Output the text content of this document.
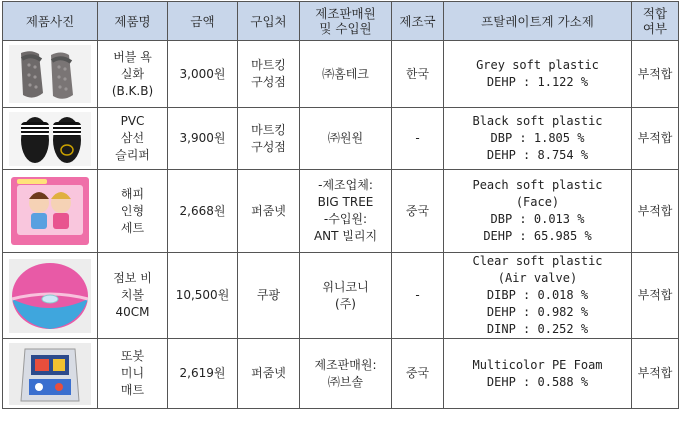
제품사진	제품명	금액	구입처	제조판매원
및 수입원	제조국	프탈레이트계 가소제	적합
여부

버블 욕
실화
(B.K.B)	3,000원	마트킹
구성점	㈜홈테크	한국	Grey soft plastic
DEHP : 1.122 %	부적합

PVC
삼선
슬리퍼	3,900원	마트킹
구성점	㈜원원	-	Black soft plastic
DBP : 1.805 %
DEHP : 8.754 %	부적합

해피
인형
세트	2,668원	퍼줌넷	-제조업체:
BIG TREE
-수입원:
ANT 빌리지	중국	Peach soft plastic
(Face)
DBP : 0.013 %
DEHP : 65.985 %	부적합

점보 비
치볼
40CM	10,500원	쿠팡	위니코니
(주)	-	Clear soft plastic
(Air valve)
DIBP : 0.018 %
DEHP : 0.982 %
DINP : 0.252 %	부적합

또봇
미니
매트	2,619원	퍼줌넷	제조판매원:
㈜브솔	중국	Multicolor PE Foam
DEHP : 0.588 %	부적합
